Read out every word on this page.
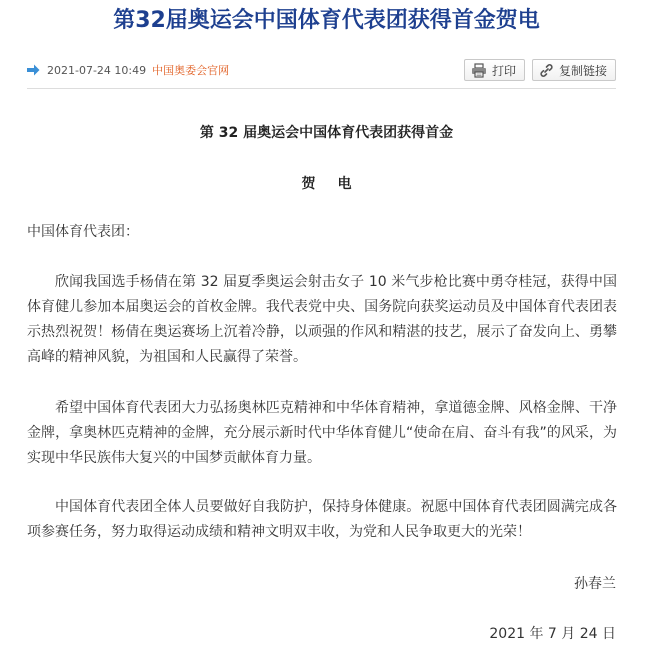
第32届奥运会中国体育代表团获得首金贺电
2021-07-24 10:49 中国奥委会官网	打印	复制链接
第 32 届奥运会中国体育代表团获得首金
贺电
中国体育代表团：

欣闻我国选手杨倩在第 32 届夏季奥运会射击女子 10 米气步枪比赛中勇夺桂冠，获得中国体育健儿参加本届奥运会的首枚金牌。我代表党中央、国务院向获奖运动员及中国体育代表团表示热烈祝贺！杨倩在奥运赛场上沉着冷静，以顽强的作风和精湛的技艺，展示了奋发向上、勇攀高峰的精神风貌，为祖国和人民赢得了荣誉。

希望中国体育代表团大力弘扬奥林匹克精神和中华体育精神，拿道德金牌、风格金牌、干净金牌，拿奥林匹克精神的金牌，充分展示新时代中华体育健儿“使命在肩、奋斗有我”的风采，为实现中华民族伟大复兴的中国梦贡献体育力量。

中国体育代表团全体人员要做好自我防护，保持身体健康。祝愿中国体育代表团圆满完成各项参赛任务，努力取得运动成绩和精神文明双丰收，为党和人民争取更大的光荣！

孙春兰
2021 年 7 月 24 日
